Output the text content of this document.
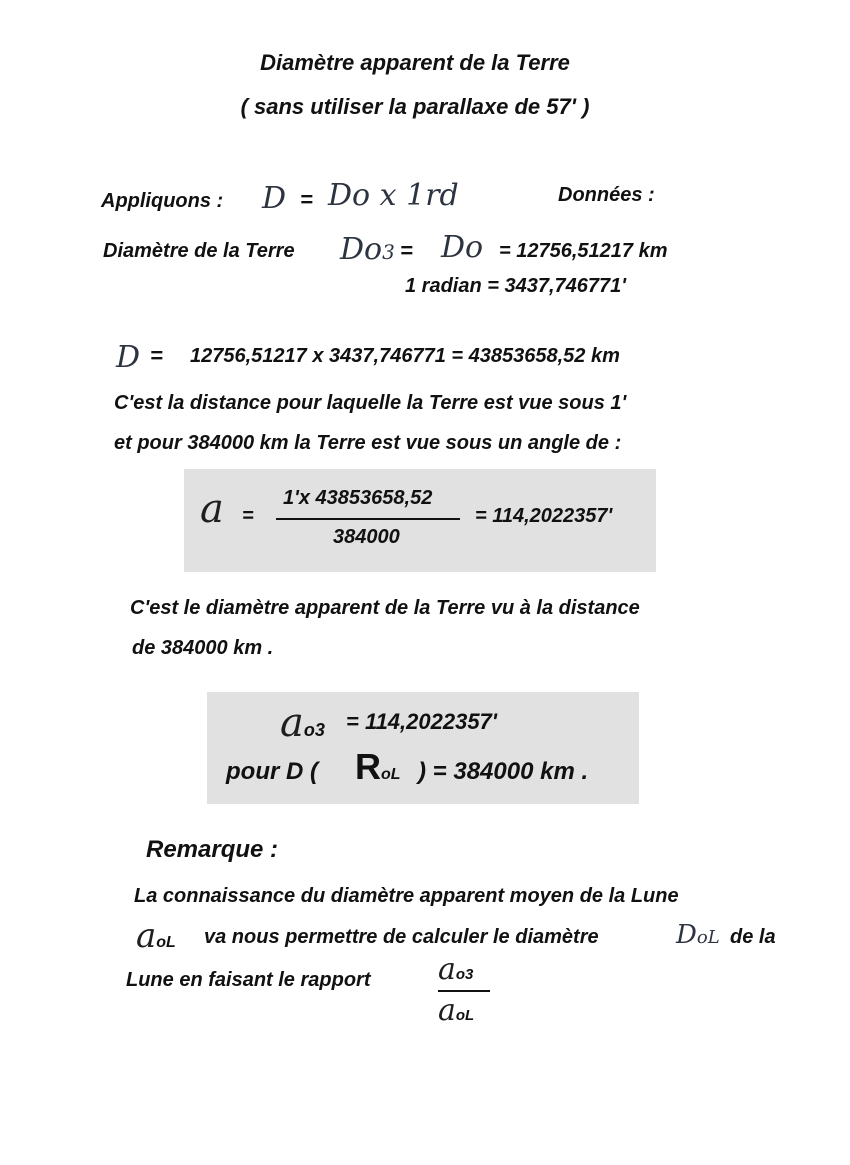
Diamètre apparent de la Terre
( sans utiliser la parallaxe de 57' )
Appliquons : D = Do x 1rd	Données :
Diamètre de la Terre Do3 = Do = 12756,51217 km
1 radian = 3437,746771'
D = 12756,51217 x 3437,746771 = 43853658,52 km
C'est la distance pour laquelle la Terre est vue sous 1'
et pour 384000 km la Terre est vue sous un angle de :
a =
1'x 43853658,52
384000
= 114,2022357'
C'est le diamètre apparent de la Terre vu à la distance
de 384000 km .
ao3 = 114,2022357'
pour D ( RoL ) = 384000 km .
Remarque :
La connaissance du diamètre apparent moyen de la Lune
aoL va nous permettre de calculer le diamètre	DoL de la
Lune en faisant le rapport ao3
aoL
